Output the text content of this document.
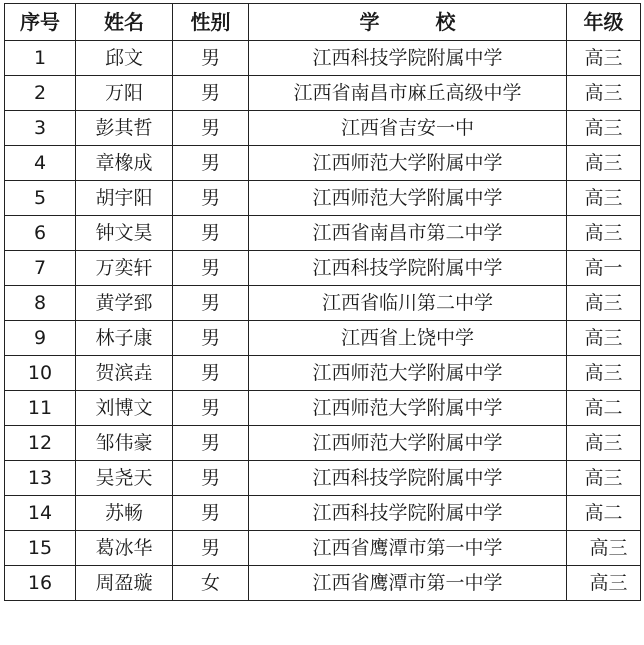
序号	姓名	性别	学　校	年级
1	邱文	男	江西科技学院附属中学	高三
2	万阳	男	江西省南昌市麻丘高级中学	高三
3	彭其哲	男	江西省吉安一中	高三
4	章橡成	男	江西师范大学附属中学	高三
5	胡宇阳	男	江西师范大学附属中学	高三
6	钟文昊	男	江西省南昌市第二中学	高三
7	万奕轩	男	江西科技学院附属中学	高一
8	黄学郅	男	江西省临川第二中学	高三
9	林子康	男	江西省上饶中学	高三
10	贺滨垚	男	江西师范大学附属中学	高三
11	刘博文	男	江西师范大学附属中学	高二
12	邹伟豪	男	江西师范大学附属中学	高三
13	吴尧天	男	江西科技学院附属中学	高三
14	苏畅	男	江西科技学院附属中学	高二
15	葛冰华	男	江西省鹰潭市第一中学	高三
16	周盈璇	女	江西省鹰潭市第一中学	高三
